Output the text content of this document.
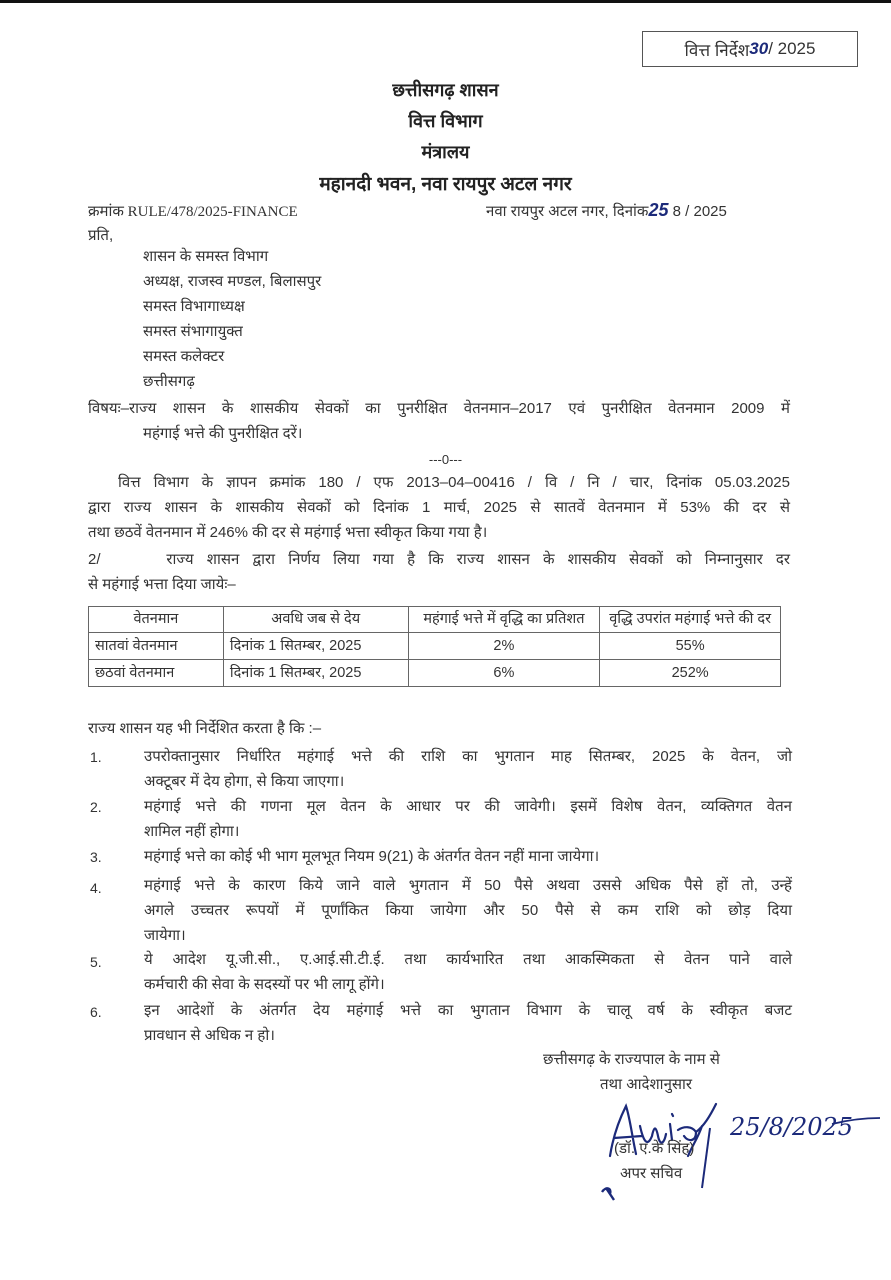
वित्त निर्देश 30 / 2025
छत्तीसगढ़ शासन
वित्त विभाग
मंत्रालय
महानदी भवन, नवा रायपुर अटल नगर
क्रमांक RULE/478/2025-FINANCE	नवा रायपुर अटल नगर, दिनांक25 8 / 2025
प्रति,
शासन के समस्त विभाग
अध्यक्ष, राजस्व मण्डल, बिलासपुर
समस्त विभागाध्यक्ष
समस्त संभागायुक्त
समस्त कलेक्टर
छत्तीसगढ़
विषयः–राज्य शासन के शासकीय सेवकों का पुनरीक्षित वेतनमान–2017 एवं पुनरीक्षित वेतनमान 2009 में
महंगाई भत्ते की पुनरीक्षित दरें।
---0---
वित्त विभाग के ज्ञापन क्रमांक 180 / एफ 2013–04–00416 / वि / नि / चार, दिनांक 05.03.2025
द्वारा राज्य शासन के शासकीय सेवकों को दिनांक 1 मार्च, 2025 से सातवें वेतनमान में 53% की दर से
तथा छठवें वेतनमान में 246% की दर से महंगाई भत्ता स्वीकृत किया गया है।
2/     राज्य शासन द्वारा निर्णय लिया गया है कि राज्य शासन के शासकीय सेवकों को निम्नानुसार दर
से महंगाई भत्ता दिया जायेः–
वेतनमान	अवधि जब से देय	महंगाई भत्ते में वृद्धि का प्रतिशत	वृद्धि उपरांत महंगाई भत्ते की दर
सातवां वेतनमान	दिनांक 1 सितम्बर, 2025	2%	55%
छठवां वेतनमान	दिनांक 1 सितम्बर, 2025	6%	252%
राज्य शासन यह भी निर्देशित करता है कि :–
1.	उपरोक्तानुसार निर्धारित महंगाई भत्ते की राशि का भुगतान माह सितम्बर, 2025 के वेतन, जो
अक्टूबर में देय होगा, से किया जाएगा।
2.	महंगाई भत्ते की गणना मूल वेतन के आधार पर की जावेगी। इसमें विशेष वेतन, व्यक्तिगत वेतन
शामिल नहीं होगा।
3.	महंगाई भत्ते का कोई भी भाग मूलभूत नियम 9(21) के अंतर्गत वेतन नहीं माना जायेगा।
4.	महंगाई भत्ते के कारण किये जाने वाले भुगतान में 50 पैसे अथवा उससे अधिक पैसे हों तो, उन्हें
अगले उच्चतर रूपयों में पूर्णांकित किया जायेगा और 50 पैसे से कम राशि को छोड़ दिया
जायेगा।
5.	ये आदेश यू.जी.सी., ए.आई.सी.टी.ई. तथा कार्यभारित तथा आकस्मिकता से वेतन पाने वाले
कर्मचारी की सेवा के सदस्यों पर भी लागू होंगे।
6.	इन आदेशों के अंतर्गत देय महंगाई भत्ते का भुगतान विभाग के चालू वर्ष के स्वीकृत बजट
प्रावधान से अधिक न हो।
छत्तीसगढ़ के राज्यपाल के नाम से
तथा आदेशानुसार
25/8/2025
(डॉ. ए.के सिंह)
अपर सचिव
